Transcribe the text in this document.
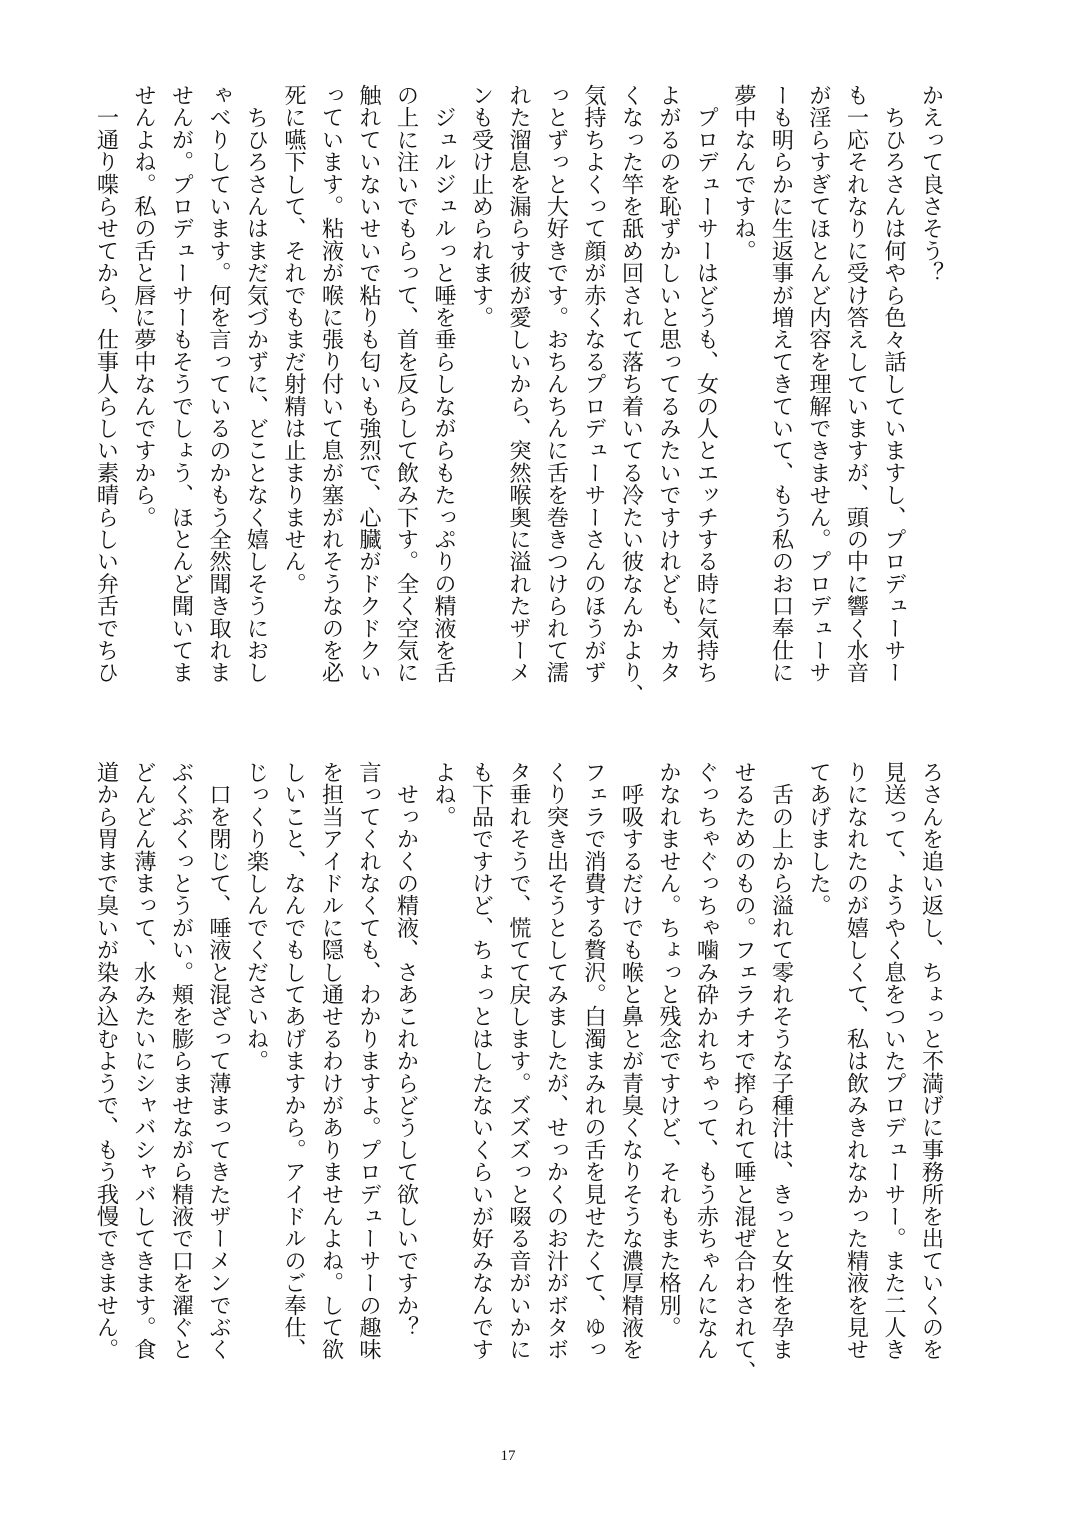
かえって良さそう？
　ちひろさんは何やら色々話していますし、プロデューサー
も一応それなりに受け答えしていますが、頭の中に響く水音
が淫らすぎてほとんど内容を理解できません。プロデューサ
ーも明らかに生返事が増えてきていて、もう私のお口奉仕に
夢中なんですね。
　プロデューサーはどうも、女の人とエッチする時に気持ち
よがるのを恥ずかしいと思ってるみたいですけれども、カタ
くなった竿を舐め回されて落ち着いてる冷たい彼なんかより、
気持ちよくって顔が赤くなるプロデューサーさんのほうがず
っとずっと大好きです。おちんちんに舌を巻きつけられて濡
れた溜息を漏らす彼が愛しいから、突然喉奥に溢れたザーメ
ンも受け止められます。
　ジュルジュルっと唾を垂らしながらもたっぷりの精液を舌
の上に注いでもらって、首を反らして飲み下す。全く空気に
触れていないせいで粘りも匂いも強烈で、心臓がドクドクい
っています。粘液が喉に張り付いて息が塞がれそうなのを必
死に嚥下して、それでもまだ射精は止まりません。
　ちひろさんはまだ気づかずに、どことなく嬉しそうにおし
ゃべりしています。何を言っているのかもう全然聞き取れま
せんが。プロデューサーもそうでしょう、ほとんど聞いてま
せんよね。私の舌と唇に夢中なんですから。
　一通り喋らせてから、仕事人らしい素晴らしい弁舌でちひ
ろさんを追い返し、ちょっと不満げに事務所を出ていくのを
見送って、ようやく息をついたプロデューサー。また二人き
りになれたのが嬉しくて、私は飲みきれなかった精液を見せ
てあげました。
　舌の上から溢れて零れそうな子種汁は、きっと女性を孕ま
せるためのもの。フェラチオで搾られて唾と混ぜ合わされて、
ぐっちゃぐっちゃ噛み砕かれちゃって、もう赤ちゃんになん
かなれません。ちょっと残念ですけど、それもまた格別。
　呼吸するだけでも喉と鼻とが青臭くなりそうな濃厚精液を
フェラで消費する贅沢。白濁まみれの舌を見せたくて、ゆっ
くり突き出そうとしてみましたが、せっかくのお汁がボタボ
タ垂れそうで、慌てて戻します。ズズズっと啜る音がいかに
も下品ですけど、ちょっとはしたないくらいが好みなんです
よね。
　せっかくの精液、さあこれからどうして欲しいですか？
言ってくれなくても、わかりますよ。プロデューサーの趣味
を担当アイドルに隠し通せるわけがありませんよね。して欲
しいこと、なんでもしてあげますから。アイドルのご奉仕、
じっくり楽しんでくださいね。
　口を閉じて、唾液と混ざって薄まってきたザーメンでぶく
ぶくぶくっとうがい。頬を膨らませながら精液で口を濯ぐと
どんどん薄まって、水みたいにシャバシャバしてきます。食
道から胃まで臭いが染み込むようで、もう我慢できません。
17
